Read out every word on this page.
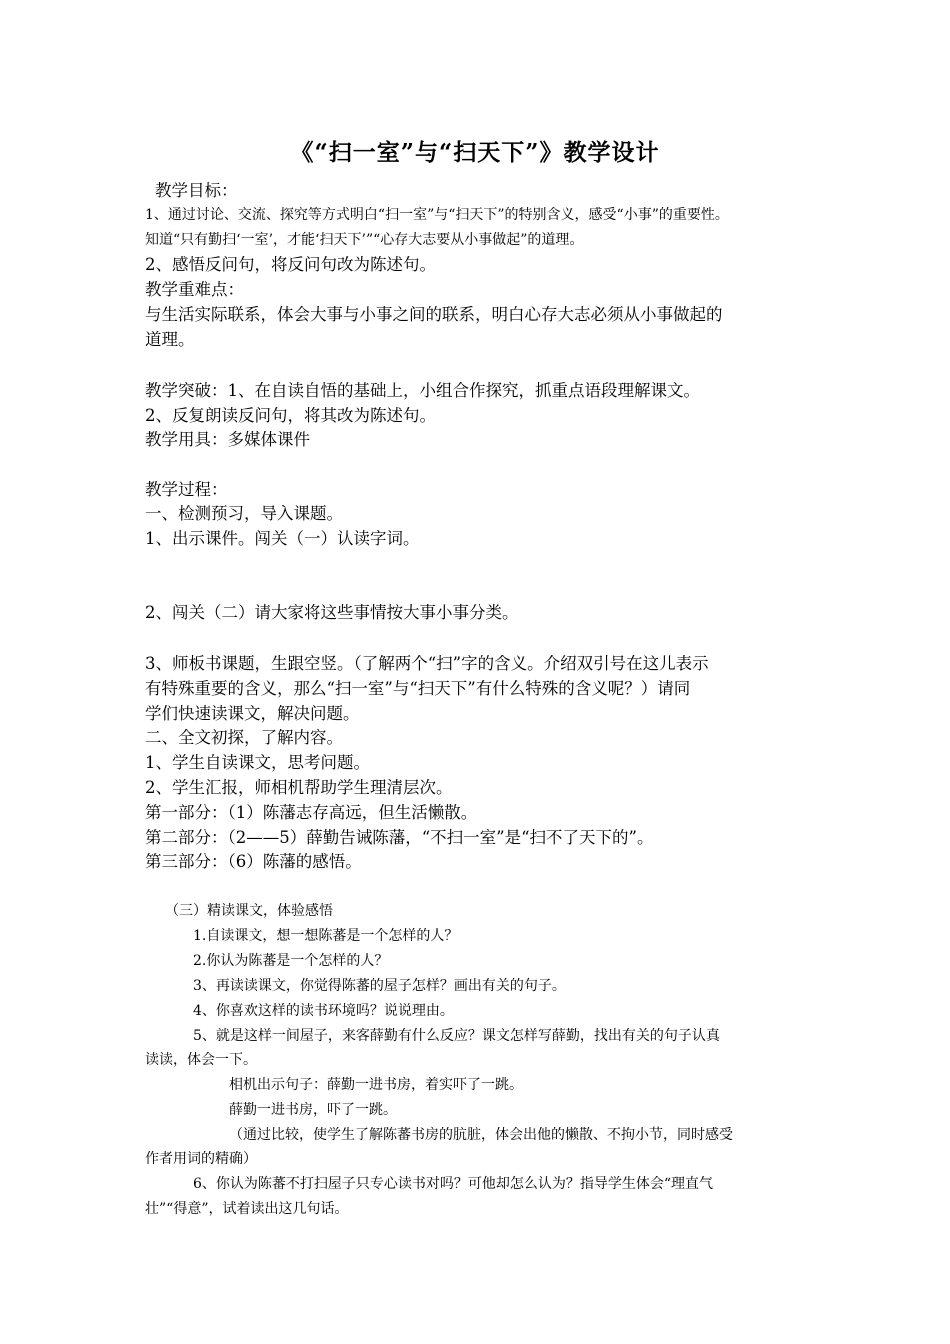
《“扫一室”与“扫天下”》教学设计
教学目标：
1、通过讨论、交流、探究等方式明白“扫一室”与“扫天下”的特别含义，感受“小事”的重要性。
知道“只有勤扫‘一室’，才能‘扫天下’”“心存大志要从小事做起”的道理。
2、感悟反问句，将反问句改为陈述句。
教学重难点：
与生活实际联系，体会大事与小事之间的联系，明白心存大志必须从小事做起的
道理。
教学突破：1、在自读自悟的基础上，小组合作探究，抓重点语段理解课文。
2、反复朗读反问句，将其改为陈述句。
教学用具：多媒体课件
教学过程：
一、检测预习，导入课题。
1、出示课件。闯关（一）认读字词。
2、闯关（二）请大家将这些事情按大事小事分类。
3、师板书课题，生跟空竖。（了解两个“扫”字的含义。介绍双引号在这儿表示
有特殊重要的含义，那么“扫一室”与“扫天下”有什么特殊的含义呢？）请同
学们快速读课文，解决问题。
二、全文初探，了解内容。
1、学生自读课文，思考问题。
2、学生汇报，师相机帮助学生理清层次。
第一部分：（1）陈藩志存高远，但生活懒散。
第二部分：（2——5）薛勤告诫陈藩，“不扫一室”是“扫不了天下的”。
第三部分：（6）陈藩的感悟。
（三）精读课文，体验感悟
1.自读课文，想一想陈蕃是一个怎样的人？
2.你认为陈蕃是一个怎样的人？
3、再读读课文，你觉得陈蕃的屋子怎样？画出有关的句子。
4、你喜欢这样的读书环境吗？说说理由。
5、就是这样一间屋子，来客薛勤有什么反应？课文怎样写薛勤，找出有关的句子认真
读读，体会一下。
相机出示句子：薛勤一进书房，着实吓了一跳。
薛勤一进书房，吓了一跳。
（通过比较，使学生了解陈蕃书房的肮脏，体会出他的懒散、不拘小节，同时感受
作者用词的精确）
6、你认为陈蕃不打扫屋子只专心读书对吗？可他却怎么认为？指导学生体会“理直气
壮”“得意”，试着读出这几句话。
